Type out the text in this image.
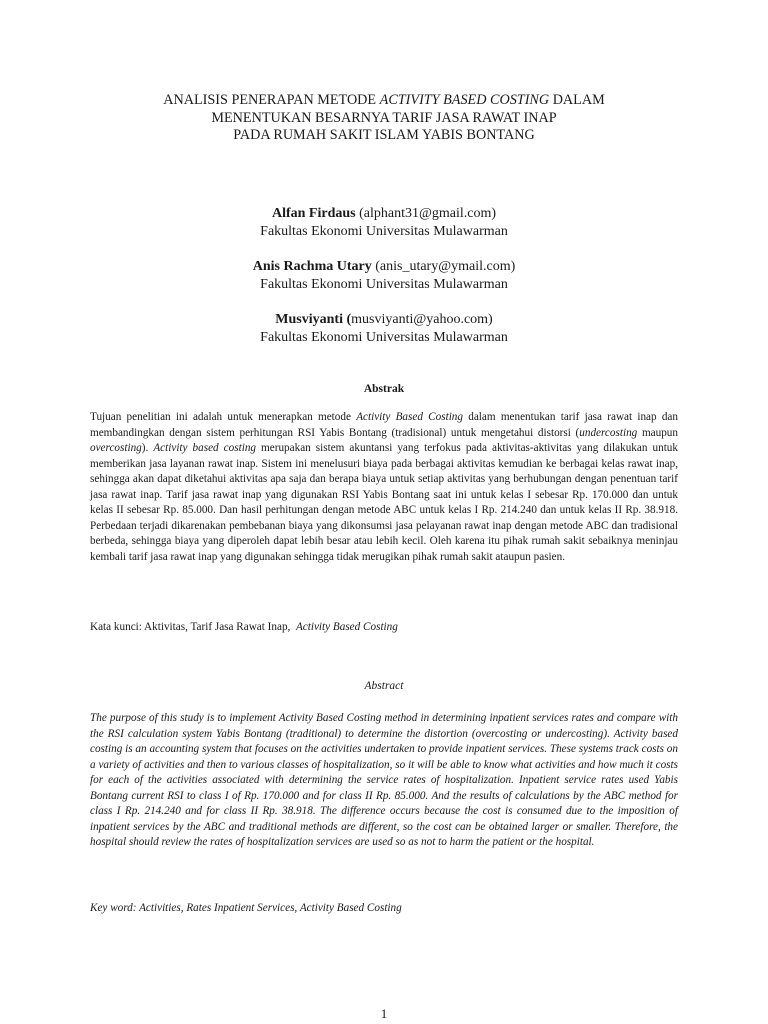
ANALISIS PENERAPAN METODE ACTIVITY BASED COSTING DALAM
MENENTUKAN BESARNYA TARIF JASA RAWAT INAP
PADA RUMAH SAKIT ISLAM YABIS BONTANG
Alfan Firdaus (alphant31@gmail.com)
Fakultas Ekonomi Universitas Mulawarman
Anis Rachma Utary (anis_utary@ymail.com)
Fakultas Ekonomi Universitas Mulawarman
Musviyanti (musviyanti@yahoo.com)
Fakultas Ekonomi Universitas Mulawarman
Abstrak
Tujuan penelitian ini adalah untuk menerapkan metode Activity Based Costing dalam menentukan tarif jasa rawat inap dan membandingkan dengan sistem perhitungan RSI Yabis Bontang (tradisional) untuk mengetahui distorsi (undercosting maupun overcosting). Activity based costing merupakan sistem akuntansi yang terfokus pada aktivitas-aktivitas yang dilakukan untuk memberikan jasa layanan rawat inap. Sistem ini menelusuri biaya pada berbagai aktivitas kemudian ke berbagai kelas rawat inap, sehingga akan dapat diketahui aktivitas apa saja dan berapa biaya untuk setiap aktivitas yang berhubungan dengan penentuan tarif jasa rawat inap. Tarif jasa rawat inap yang digunakan RSI Yabis Bontang saat ini untuk kelas I sebesar Rp. 170.000 dan untuk kelas II sebesar Rp. 85.000. Dan hasil perhitungan dengan metode ABC untuk kelas I Rp. 214.240 dan untuk kelas II Rp. 38.918. Perbedaan terjadi dikarenakan pembebanan biaya yang dikonsumsi jasa pelayanan rawat inap dengan metode ABC dan tradisional berbeda, sehingga biaya yang diperoleh dapat lebih besar atau lebih kecil. Oleh karena itu pihak rumah sakit sebaiknya meninjau kembali tarif jasa rawat inap yang digunakan sehingga tidak merugikan pihak rumah sakit ataupun pasien.
Kata kunci: Aktivitas, Tarif Jasa Rawat Inap,  Activity Based Costing
Abstract
The purpose of this study is to implement Activity Based Costing method in determining inpatient services rates and compare with the RSI calculation system Yabis Bontang (traditional) to determine the distortion (overcosting or undercosting). Activity based costing is an accounting system that focuses on the activities undertaken to provide inpatient services. These systems track costs on a variety of activities and then to various classes of hospitalization, so it will be able to know what activities and how much it costs for each of the activities associated with determining the service rates of hospitalization. Inpatient service rates used Yabis Bontang current RSI to class I of Rp. 170.000 and for class II Rp. 85.000. And the results of calculations by the ABC method for class I Rp. 214.240 and for class II Rp. 38.918. The difference occurs because the cost is consumed due to the imposition of inpatient services by the ABC and traditional methods are different, so the cost can be obtained larger or smaller. Therefore, the hospital should review the rates of hospitalization services are used so as not to harm the patient or the hospital.
Key word: Activities, Rates Inpatient Services, Activity Based Costing
1
